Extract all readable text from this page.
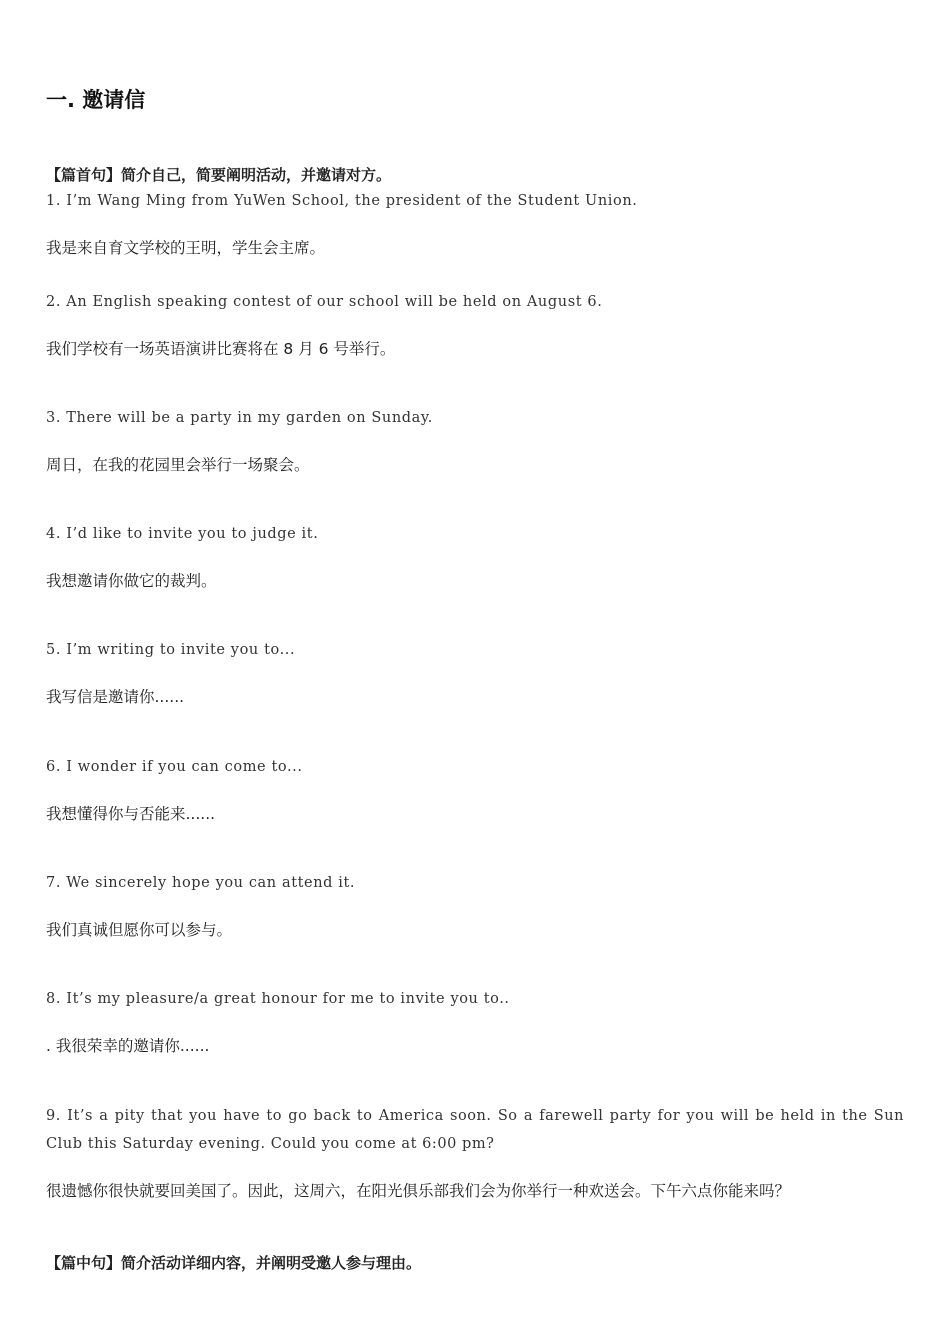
一. 邀请信

【篇首句】简介自己，简要阐明活动，并邀请对方。

1. I’m Wang Ming from YuWen School, the president of the Student Union.

我是来自育文学校的王明，学生会主席。

2. An English speaking contest of our school will be held on August 6.

我们学校有一场英语演讲比赛将在 8 月 6 号举行。

3. There will be a party in my garden on Sunday.

周日，在我的花园里会举行一场聚会。

4. I’d like to invite you to judge it.

我想邀请你做它的裁判。

5. I’m writing to invite you to...

我写信是邀请你......

6. I wonder if you can come to...

我想懂得你与否能来......

7. We sincerely hope you can attend it.

我们真诚但愿你可以参与。

8. It’s my pleasure/a great honour for me to invite you to..

. 我很荣幸的邀请你......

9. It’s a pity that you have to go back to America soon. So a farewell party for you will be held in the Sun Club this Saturday evening. Could you come at 6:00 pm?

很遗憾你很快就要回美国了。因此，这周六，在阳光俱乐部我们会为你举行一种欢送会。下午六点你能来吗？

【篇中句】简介活动详细内容，并阐明受邀人参与理由。
